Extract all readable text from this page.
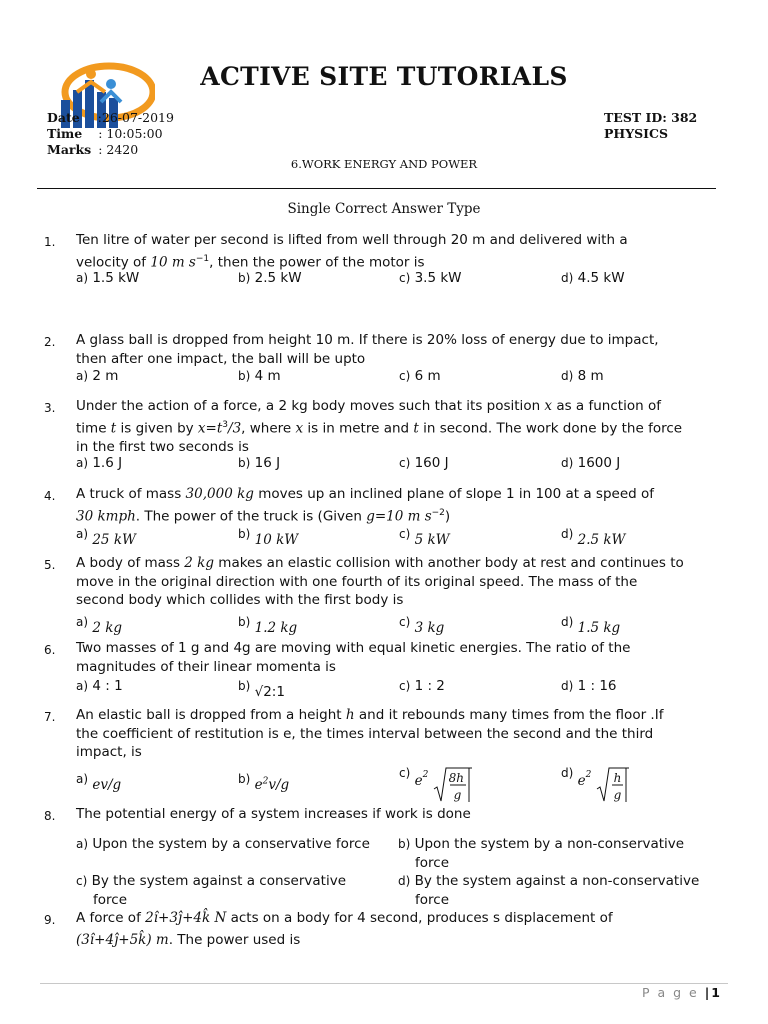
ACTIVE SITE TUTORIALS
Date :26-07-2019
Time : 10:05:00
Marks : 2420
TEST ID: 382
PHYSICS
6.WORK ENERGY AND POWER
Single Correct Answer Type
1. Ten litre of water per second is lifted from well through 20 m and delivered with a
velocity of 10 m $s^{-1}$, then the power of the motor is
a) 1.5 kW	b) 2.5 kW	c) 3.5 kW	d) 4.5 kW
2. A glass ball is dropped from height 10 m. If there is 20% loss of energy due to impact,
then after one impact, the ball will be upto
a) 2 m	b) 4 m	c) 6 m	d) 8 m
3. Under the action of a force, a 2 kg body moves such that its position x as a function of
time t is given by $x=t^3/3$, where x is in metre and t in second. The work done by the force
in the first two seconds is
a) 1.6 J	b) 16 J	c) 160 J	d) 1600 J
4. A truck of mass 30,000 kg moves up an inclined plane of slope 1 in 100 at a speed of
30 kmph. The power of the truck is (Given g=10 m $s^{-2}$)
a) 25 kW	b) 10 kW	c) 5 kW	d) 2.5 kW
5. A body of mass 2 kg makes an elastic collision with another body at rest and continues to
move in the original direction with one fourth of its original speed. The mass of the
second body which collides with the first body is
a) 2 kg	b) 1.2 kg	c) 3 kg	d) 1.5 kg
6. Two masses of 1 g and 4g are moving with equal kinetic energies. The ratio of the
magnitudes of their linear momenta is
a) 4 : 1	b) √2:1	c) 1 : 2	d) 1 : 16
7. An elastic ball is dropped from a height h and it rebounds many times from the floor .If
the coefficient of restitution is e, the times interval between the second and the third
impact, is
a) ev/g	b) $e^2v/g$
c) $e^2$ 8h
g
d) $e^2$ h
g
8. The potential energy of a system increases if work is done
a) Upon the system by a conservative force	b) Upon the system by a non-conservative
force
c) By the system against a conservative
force
d) By the system against a non-conservative
force
9. A force of 2î+3ĵ+4k̂ N acts on a body for 4 second, produces s displacement of
(3î+4ĵ+5k̂) m. The power used is
P a g e |1
